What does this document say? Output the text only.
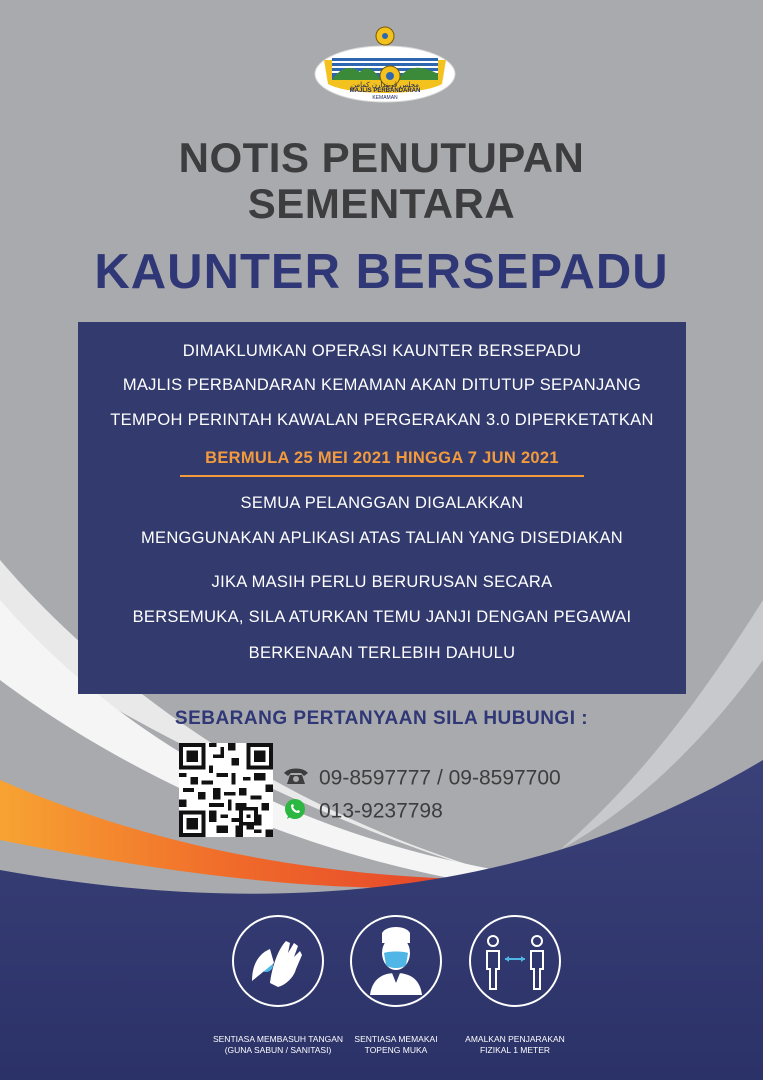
مجلس ڤربندارن كمامن
MAJLIS PERBANDARAN
KEMAMAN
NOTIS PENUTUPAN
SEMENTARA
KAUNTER BERSEPADU
DIMAKLUMKAN OPERASI KAUNTER BERSEPADU
MAJLIS PERBANDARAN KEMAMAN AKAN DITUTUP SEPANJANG
TEMPOH PERINTAH KAWALAN PERGERAKAN 3.0 DIPERKETATKAN
BERMULA 25 MEI 2021 HINGGA 7 JUN 2021
SEMUA PELANGGAN DIGALAKKAN
MENGGUNAKAN APLIKASI ATAS TALIAN YANG DISEDIAKAN
JIKA MASIH PERLU BERURUSAN SECARA
BERSEMUKA, SILA ATURKAN TEMU JANJI DENGAN PEGAWAI
BERKENAAN TERLEBIH DAHULU
SEBARANG PERTANYAAN SILA HUBUNGI :
09-8597777 / 09-8597700
013-9237798
SENTIASA MEMBASUH TANGAN
(GUNA SABUN / SANITASI)
SENTIASA MEMAKAI
TOPENG MUKA
AMALKAN PENJARAKAN
FIZIKAL 1 METER
